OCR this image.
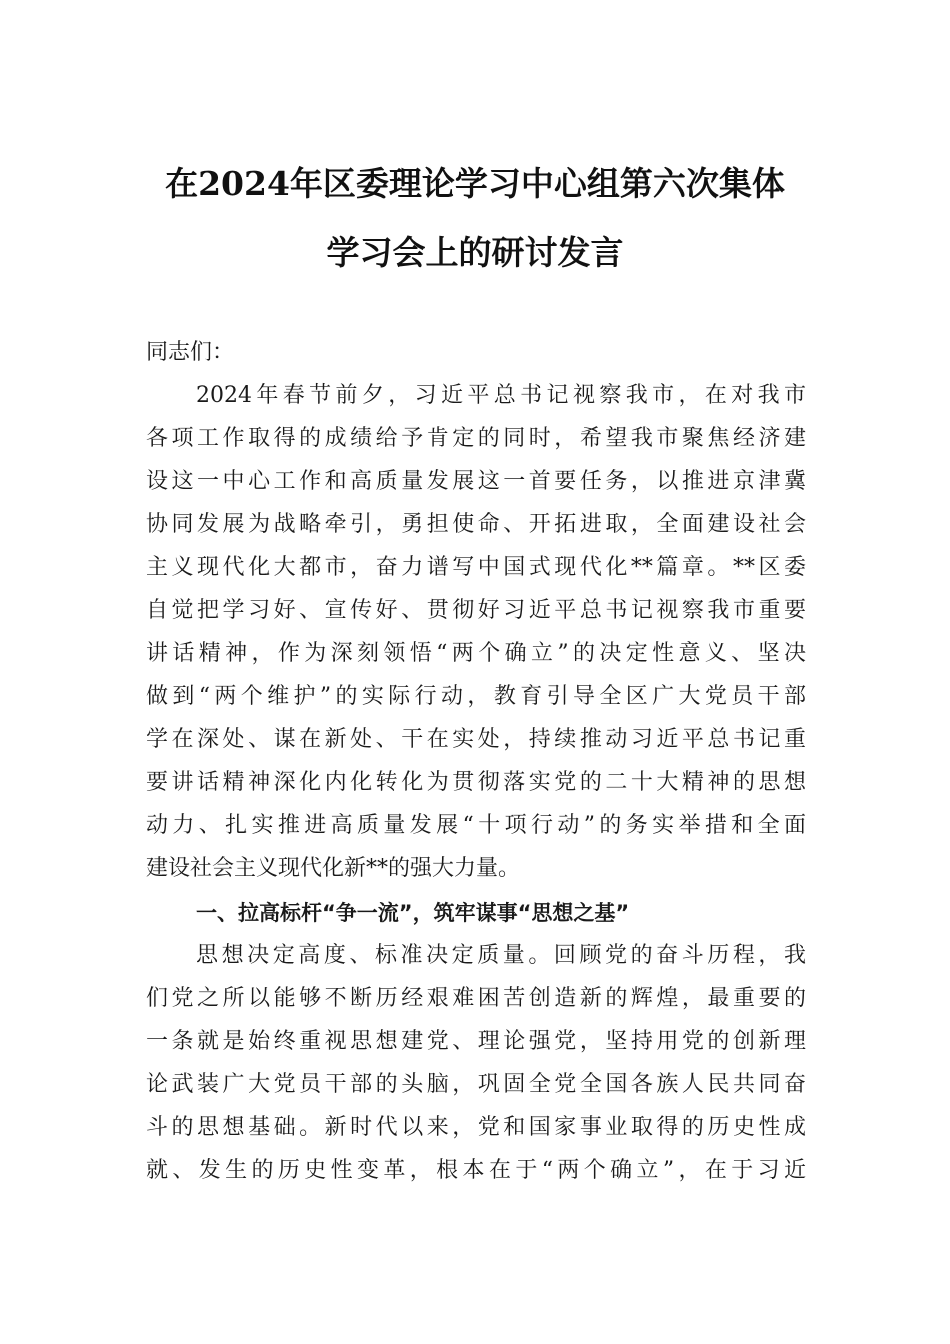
在2024年区委理论学习中心组第六次集体
学习会上的研讨发言
同志们：
2024年春节前夕，习近平总书记视察我市，在对我市
各项工作取得的成绩给予肯定的同时，希望我市聚焦经济建
设这一中心工作和高质量发展这一首要任务，以推进京津冀
协同发展为战略牵引，勇担使命、开拓进取，全面建设社会
主义现代化大都市，奋力谱写中国式现代化**篇章。**区委
自觉把学习好、宣传好、贯彻好习近平总书记视察我市重要
讲话精神，作为深刻领悟“两个确立”的决定性意义、坚决
做到“两个维护”的实际行动，教育引导全区广大党员干部
学在深处、谋在新处、干在实处，持续推动习近平总书记重
要讲话精神深化内化转化为贯彻落实党的二十大精神的思想
动力、扎实推进高质量发展“十项行动”的务实举措和全面
建设社会主义现代化新**的强大力量。
一、拉高标杆“争一流”，筑牢谋事“思想之基”
思想决定高度、标准决定质量。回顾党的奋斗历程，我
们党之所以能够不断历经艰难困苦创造新的辉煌，最重要的
一条就是始终重视思想建党、理论强党，坚持用党的创新理
论武装广大党员干部的头脑，巩固全党全国各族人民共同奋
斗的思想基础。新时代以来，党和国家事业取得的历史性成
就、发生的历史性变革，根本在于“两个确立”，在于习近
